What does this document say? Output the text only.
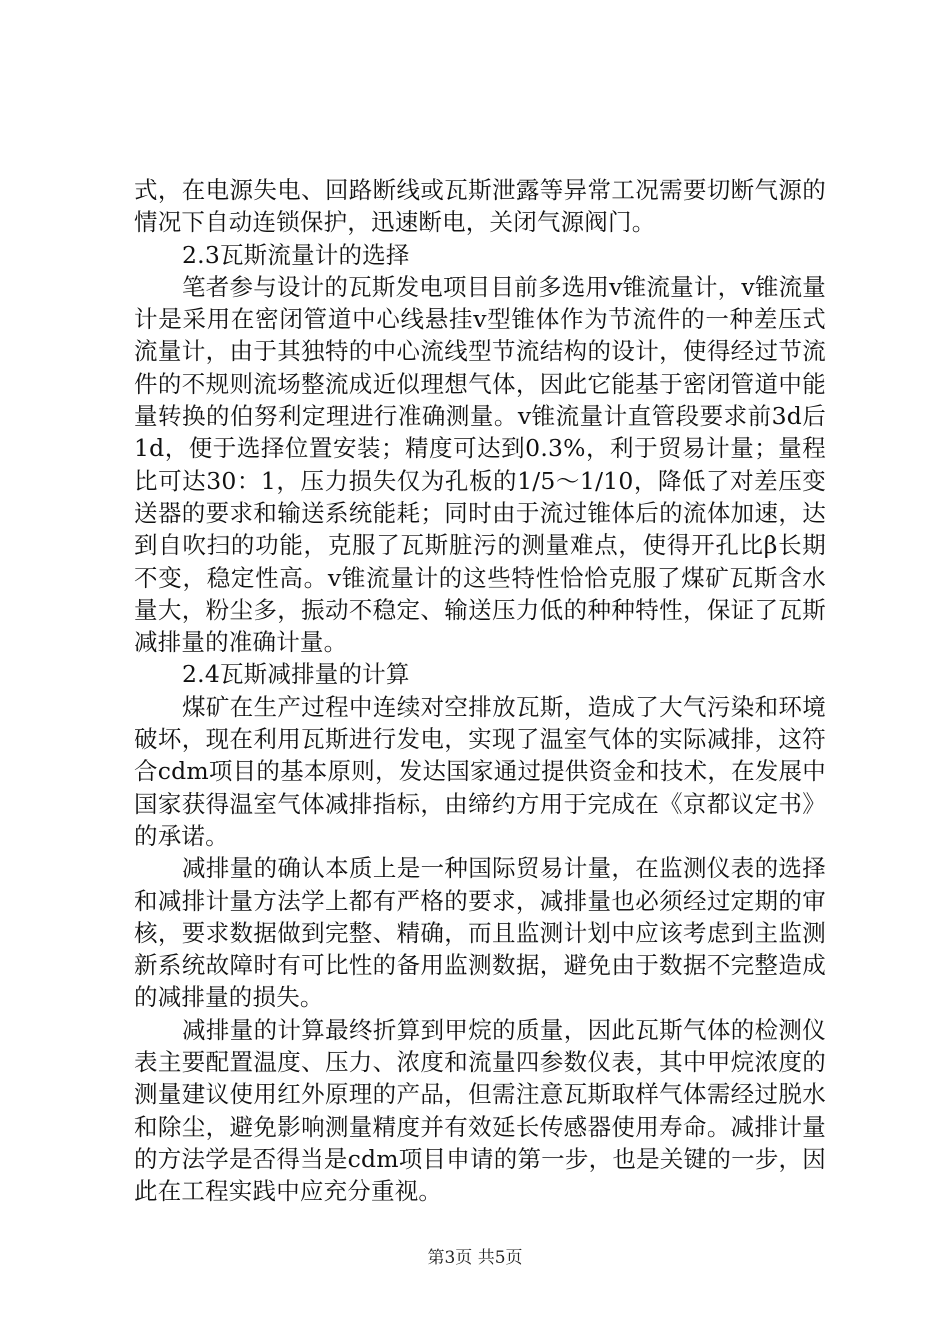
式，在电源失电、回路断线或瓦斯泄露等异常工况需要切断气源的情况下自动连锁保护，迅速断电，关闭气源阀门。

2.3瓦斯流量计的选择

笔者参与设计的瓦斯发电项目目前多选用v锥流量计，v锥流量计是采用在密闭管道中心线悬挂v型锥体作为节流件的一种差压式流量计，由于其独特的中心流线型节流结构的设计，使得经过节流件的不规则流场整流成近似理想气体，因此它能基于密闭管道中能量转换的伯努利定理进行准确测量。v锥流量计直管段要求前3d后1d，便于选择位置安装；精度可达到0.3%，利于贸易计量；量程比可达30：1，压力损失仅为孔板的1/5～1/10，降低了对差压变送器的要求和输送系统能耗；同时由于流过锥体后的流体加速，达到自吹扫的功能，克服了瓦斯脏污的测量难点，使得开孔比β长期不变，稳定性高。v锥流量计的这些特性恰恰克服了煤矿瓦斯含水量大，粉尘多，振动不稳定、输送压力低的种种特性，保证了瓦斯减排量的准确计量。

2.4瓦斯减排量的计算

煤矿在生产过程中连续对空排放瓦斯，造成了大气污染和环境破坏，现在利用瓦斯进行发电，实现了温室气体的实际减排，这符合cdm项目的基本原则，发达国家通过提供资金和技术，在发展中国家获得温室气体减排指标，由缔约方用于完成在《京都议定书》的承诺。

减排量的确认本质上是一种国际贸易计量，在监测仪表的选择和减排计量方法学上都有严格的要求，减排量也必须经过定期的审核，要求数据做到完整、精确，而且监测计划中应该考虑到主监测新系统故障时有可比性的备用监测数据，避免由于数据不完整造成的减排量的损失。

减排量的计算最终折算到甲烷的质量，因此瓦斯气体的检测仪表主要配置温度、压力、浓度和流量四参数仪表，其中甲烷浓度的测量建议使用红外原理的产品，但需注意瓦斯取样气体需经过脱水和除尘，避免影响测量精度并有效延长传感器使用寿命。减排计量的方法学是否得当是cdm项目申请的第一步，也是关键的一步，因此在工程实践中应充分重视。

第3页 共5页
